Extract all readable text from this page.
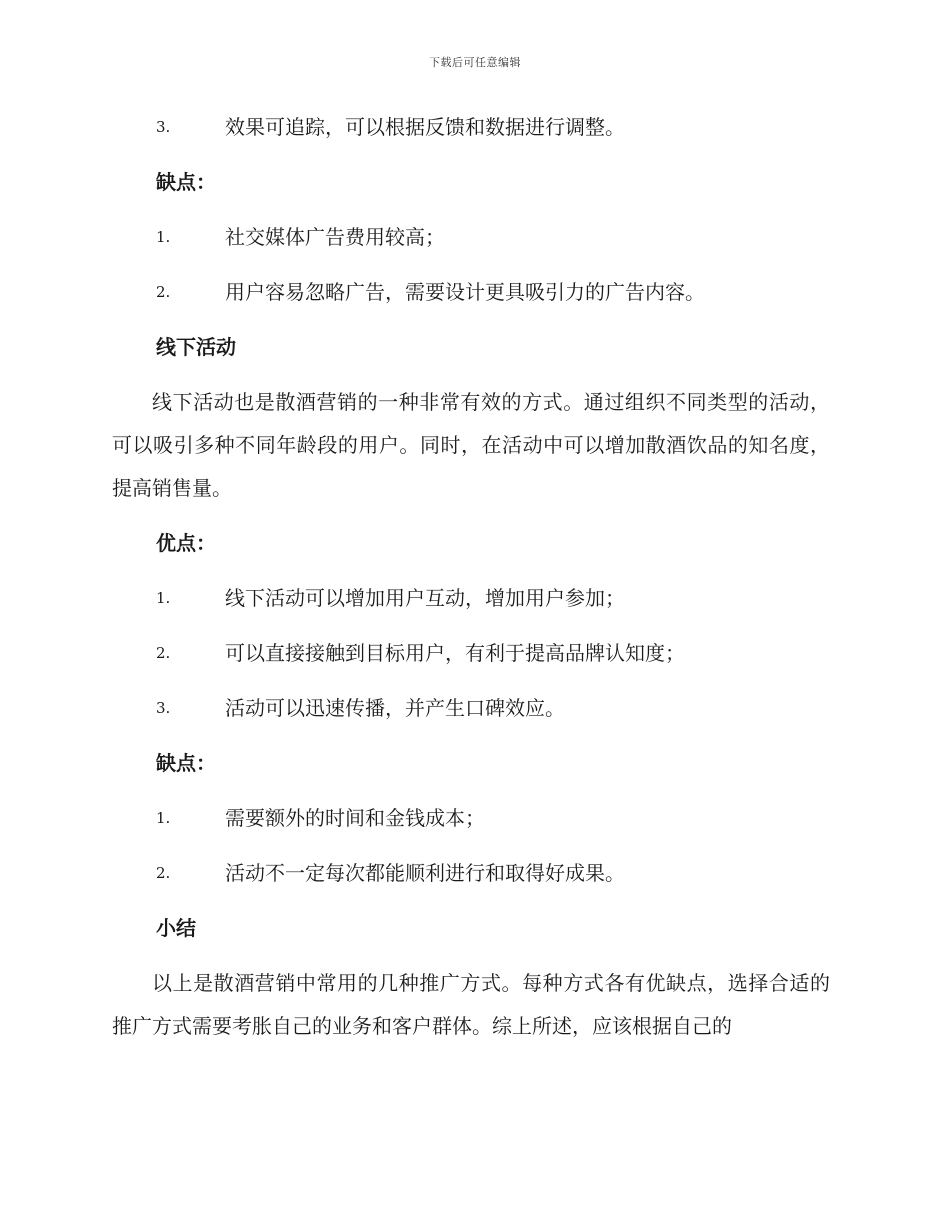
下载后可任意编辑
3.	效果可追踪，可以根据反馈和数据进行调整。
缺点：
1.	社交媒体广告费用较高；
2.	用户容易忽略广告，需要设计更具吸引力的广告内容。
线下活动
线下活动也是散酒营销的一种非常有效的方式。通过组织不同类型的活动，可以吸引多种不同年龄段的用户。同时，在活动中可以增加散酒饮品的知名度，提高销售量。
优点：
1.	线下活动可以增加用户互动，增加用户参加；
2.	可以直接接触到目标用户，有利于提高品牌认知度；
3.	活动可以迅速传播，并产生口碑效应。
缺点：
1.	需要额外的时间和金钱成本；
2.	活动不一定每次都能顺利进行和取得好成果。
小结
以上是散酒营销中常用的几种推广方式。每种方式各有优缺点，选择合适的推广方式需要考胀自己的业务和客户群体。综上所述，应该根据自己的
